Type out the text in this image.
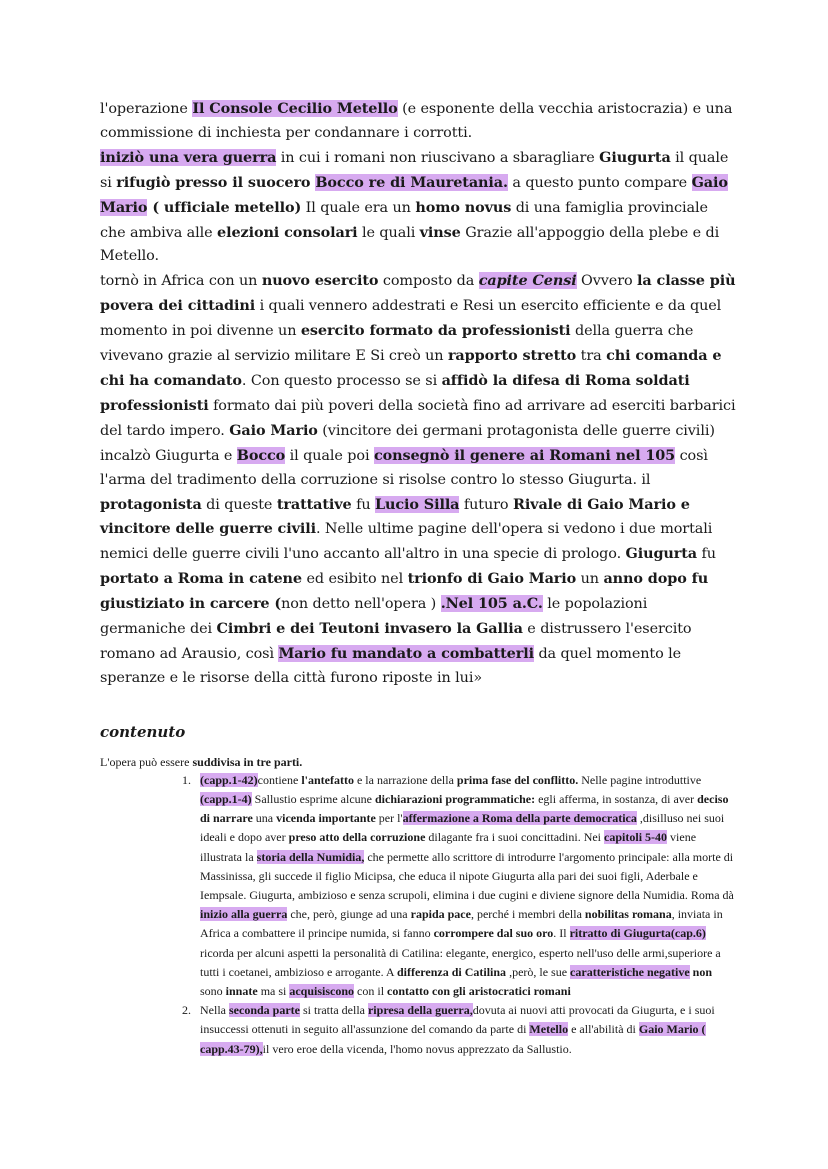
l'operazione Il Console Cecilio Metello (e esponente della vecchia aristocrazia) e una commissione di inchiesta per condannare i corrotti.
iniziò una vera guerra in cui i romani non riuscivano a sbaragliare Giugurta il quale si rifugiò presso il suocero Bocco re di Mauretania. a questo punto compare Gaio Mario ( ufficiale metello) Il quale era un homo novus di una famiglia provinciale che ambiva alle elezioni consolari le quali vinse Grazie all'appoggio della plebe e di Metello.
tornò in Africa con un nuovo esercito composto da capite Censi Ovvero la classe più povera dei cittadini i quali vennero addestrati e Resi un esercito efficiente e da quel momento in poi divenne un esercito formato da professionisti della guerra che vivevano grazie al servizio militare E Si creò un rapporto stretto tra chi comanda e chi ha comandato. Con questo processo se si affidò la difesa di Roma soldati professionisti formato dai più poveri della società fino ad arrivare ad eserciti barbarici del tardo impero. Gaio Mario (vincitore dei germani protagonista delle guerre civili) incalzò Giugurta e Bocco il quale poi consegnò il genere ai Romani nel 105 così l'arma del tradimento della corruzione si risolse contro lo stesso Giugurta. il protagonista di queste trattative fu Lucio Silla futuro Rivale di Gaio Mario e vincitore delle guerre civili. Nelle ultime pagine dell'opera si vedono i due mortali nemici delle guerre civili l'uno accanto all'altro in una specie di prologo. Giugurta fu portato a Roma in catene ed esibito nel trionfo di Gaio Mario un anno dopo fu giustiziato in carcere (non detto nell'opera ) .Nel 105 a.C. le popolazioni germaniche dei Cimbri e dei Teutoni invasero la Gallia e distrussero l'esercito romano ad Arausio, così Mario fu mandato a combatterli da quel momento le speranze e le risorse della città furono riposte in lui»

contenuto

L'opera può essere suddivisa in tre parti.

1. (capp.1-42)contiene l'antefatto e la narrazione della prima fase del conflitto. Nelle pagine introduttive (capp.1-4) Sallustio esprime alcune dichiarazioni programmatiche: egli afferma, in sostanza, di aver deciso di narrare una vicenda importante per l'affermazione a Roma della parte democratica ,disilluso nei suoi ideali e dopo aver preso atto della corruzione dilagante fra i suoi concittadini. Nei capitoli 5-40 viene illustrata la storia della Numidia, che permette allo scrittore di introdurre l'argomento principale: alla morte di Massinissa, gli succede il figlio Micipsa, che educa il nipote Giugurta alla pari dei suoi figli, Aderbale e Iempsale. Giugurta, ambizioso e senza scrupoli, elimina i due cugini e diviene signore della Numidia. Roma dà inizio alla guerra che, però, giunge ad una rapida pace, perché i membri della nobilitas romana, inviata in Africa a combattere il principe numida, si fanno corrompere dal suo oro. Il ritratto di Giugurta(cap.6) ricorda per alcuni aspetti la personalità di Catilina: elegante, energico, esperto nell'uso delle armi,superiore a tutti i coetanei, ambizioso e arrogante. A differenza di Catilina ,però, le sue caratteristiche negative non sono innate ma si acquisiscono con il contatto con gli aristocratici romani
2. Nella seconda parte si tratta della ripresa della guerra,dovuta ai nuovi atti provocati da Giugurta, e i suoi insuccessi ottenuti in seguito all'assunzione del comando da parte di Metello e all'abilità di Gaio Mario ( capp.43-79),il vero eroe della vicenda, l'homo novus apprezzato da Sallustio.
